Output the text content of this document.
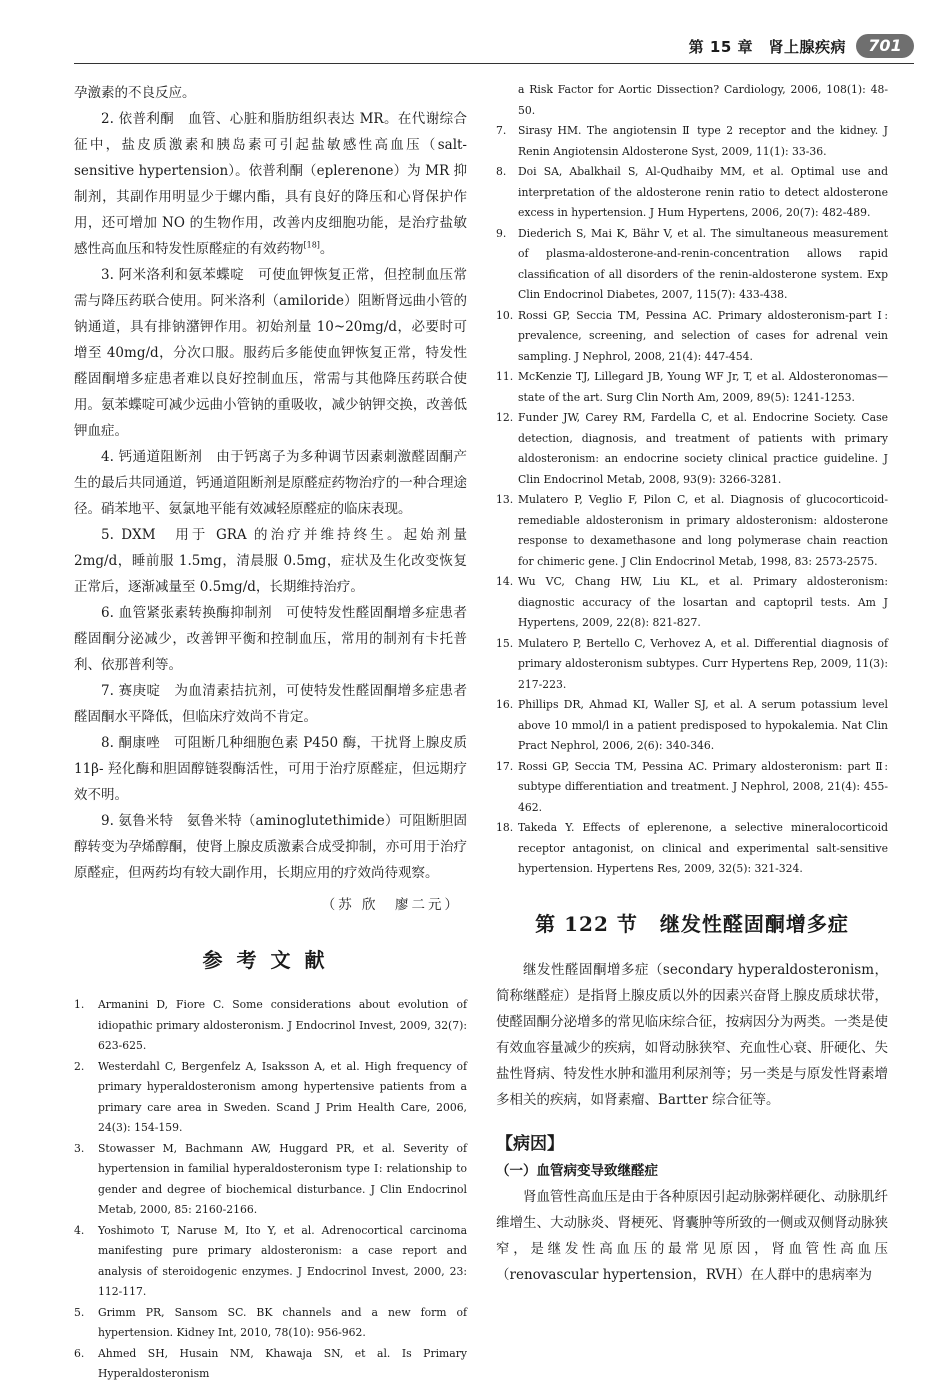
第 15 章　肾上腺疾病	701

孕激素的不良反应。

2. 依普利酮　血管、心脏和脂肪组织表达 MR。在代谢综合征中，盐皮质激素和胰岛素可引起盐敏感性高血压（salt-sensitive hypertension）。依普利酮（eplerenone）为 MR 抑制剂，其副作用明显少于螺内酯，具有良好的降压和心肾保护作用，还可增加 NO 的生物作用，改善内皮细胞功能，是治疗盐敏感性高血压和特发性原醛症的有效药物[18]。

3. 阿米洛利和氨苯蝶啶　可使血钾恢复正常，但控制血压常需与降压药联合使用。阿米洛利（amiloride）阻断肾远曲小管的钠通道，具有排钠潴钾作用。初始剂量 10~20mg/d，必要时可增至 40mg/d，分次口服。服药后多能使血钾恢复正常，特发性醛固酮增多症患者难以良好控制血压，常需与其他降压药联合使用。氨苯蝶啶可减少远曲小管钠的重吸收，减少钠钾交换，改善低钾血症。

4. 钙通道阻断剂　由于钙离子为多种调节因素刺激醛固酮产生的最后共同通道，钙通道阻断剂是原醛症药物治疗的一种合理途径。硝苯地平、氨氯地平能有效减轻原醛症的临床表现。

5. DXM　用于 GRA 的治疗并维持终生。起始剂量 2mg/d，睡前服 1.5mg，清晨服 0.5mg，症状及生化改变恢复正常后，逐渐减量至 0.5mg/d，长期维持治疗。

6. 血管紧张素转换酶抑制剂　可使特发性醛固酮增多症患者醛固酮分泌减少，改善钾平衡和控制血压，常用的制剂有卡托普利、依那普利等。

7. 赛庚啶　为血清素拮抗剂，可使特发性醛固酮增多症患者醛固酮水平降低，但临床疗效尚不肯定。

8. 酮康唑　可阻断几种细胞色素 P450 酶，干扰肾上腺皮质 11β- 羟化酶和胆固醇链裂酶活性，可用于治疗原醛症，但远期疗效不明。

9. 氨鲁米特　氨鲁米特（aminoglutethimide）可阻断胆固醇转变为孕烯醇酮，使肾上腺皮质激素合成受抑制，亦可用于治疗原醛症，但两药均有较大副作用，长期应用的疗效尚待观察。

（苏 欣　廖二元）
参考文献
1.	Armanini D, Fiore C. Some considerations about evolution of idiopathic primary aldosteronism. J Endocrinol Invest, 2009, 32(7): 623-625.
2.	Westerdahl C, Bergenfelz A, Isaksson A, et al. High frequency of primary hyperaldosteronism among hypertensive patients from a primary care area in Sweden. Scand J Prim Health Care, 2006, 24(3): 154-159.
3.	Stowasser M, Bachmann AW, Huggard PR, et al. Severity of hypertension in familial hyperaldosteronism type Ⅰ: relationship to gender and degree of biochemical disturbance. J Clin Endocrinol Metab, 2000, 85: 2160-2166.
4.	Yoshimoto T, Naruse M, Ito Y, et al. Adrenocortical carcinoma manifesting pure primary aldosteronism: a case report and analysis of steroidogenic enzymes. J Endocrinol Invest, 2000, 23: 112-117.
5.	Grimm PR, Sansom SC. BK channels and a new form of hypertension. Kidney Int, 2010, 78(10): 956-962.
6.	Ahmed SH, Husain NM, Khawaja SN, et al. Is Primary Hyperaldosteronism
a Risk Factor for Aortic Dissection? Cardiology, 2006, 108(1): 48-50.
7.	Sirasy HM. The angiotensin Ⅱ type 2 receptor and the kidney. J Renin Angiotensin Aldosterone Syst, 2009, 11(1): 33-36.
8.	Doi SA, Abalkhail S, Al-Qudhaiby MM, et al. Optimal use and interpretation of the aldosterone renin ratio to detect aldosterone excess in hypertension. J Hum Hypertens, 2006, 20(7): 482-489.
9.	Diederich S, Mai K, Bähr V, et al. The simultaneous measurement of plasma-aldosterone-and-renin-concentration allows rapid classification of all disorders of the renin-aldosterone system. Exp Clin Endocrinol Diabetes, 2007, 115(7): 433-438.
10. Rossi GP, Seccia TM, Pessina AC. Primary aldosteronism-part Ⅰ: prevalence, screening, and selection of cases for adrenal vein sampling. J Nephrol, 2008, 21(4): 447-454.
11. McKenzie TJ, Lillegard JB, Young WF Jr, T, et al. Aldosteronomas—state of the art. Surg Clin North Am, 2009, 89(5): 1241-1253.
12. Funder JW, Carey RM, Fardella C, et al. Endocrine Society. Case detection, diagnosis, and treatment of patients with primary aldosteronism: an endocrine society clinical practice guideline. J Clin Endocrinol Metab, 2008, 93(9): 3266-3281.
13. Mulatero P, Veglio F, Pilon C, et al. Diagnosis of glucocorticoid-remediable aldosteronism in primary aldosteronism: aldosterone response to dexamethasone and long polymerase chain reaction for chimeric gene. J Clin Endocrinol Metab, 1998, 83: 2573-2575.
14. Wu VC, Chang HW, Liu KL, et al. Primary aldosteronism: diagnostic accuracy of the losartan and captopril tests. Am J Hypertens, 2009, 22(8): 821-827.
15. Mulatero P, Bertello C, Verhovez A, et al. Differential diagnosis of primary aldosteronism subtypes. Curr Hypertens Rep, 2009, 11(3): 217-223.
16. Phillips DR, Ahmad KI, Waller SJ, et al. A serum potassium level above 10 mmol/l in a patient predisposed to hypokalemia. Nat Clin Pract Nephrol, 2006, 2(6): 340-346.
17. Rossi GP, Seccia TM, Pessina AC. Primary aldosteronism: part Ⅱ: subtype differentiation and treatment. J Nephrol, 2008, 21(4): 455-462.
18. Takeda Y. Effects of eplerenone, a selective mineralocorticoid receptor antagonist, on clinical and experimental salt-sensitive hypertension. Hypertens Res, 2009, 32(5): 321-324.
第 122 节 继发性醛固酮增多症

继发性醛固酮增多症（secondary hyperaldosteronism，简称继醛症）是指肾上腺皮质以外的因素兴奋肾上腺皮质球状带，使醛固酮分泌增多的常见临床综合征，按病因分为两类。一类是使有效血容量减少的疾病，如肾动脉狭窄、充血性心衰、肝硬化、失盐性肾病、特发性水肿和滥用利尿剂等；另一类是与原发性肾素增多相关的疾病，如肾素瘤、Bartter 综合征等。

【病因】

（一）血管病变导致继醛症

肾血管性高血压是由于各种原因引起动脉粥样硬化、动脉肌纤维增生、大动脉炎、肾梗死、肾囊肿等所致的一侧或双侧肾动脉狭窄，是继发性高血压的最常见原因，肾血管性高血压（renovascular hypertension，RVH）在人群中的患病率为
